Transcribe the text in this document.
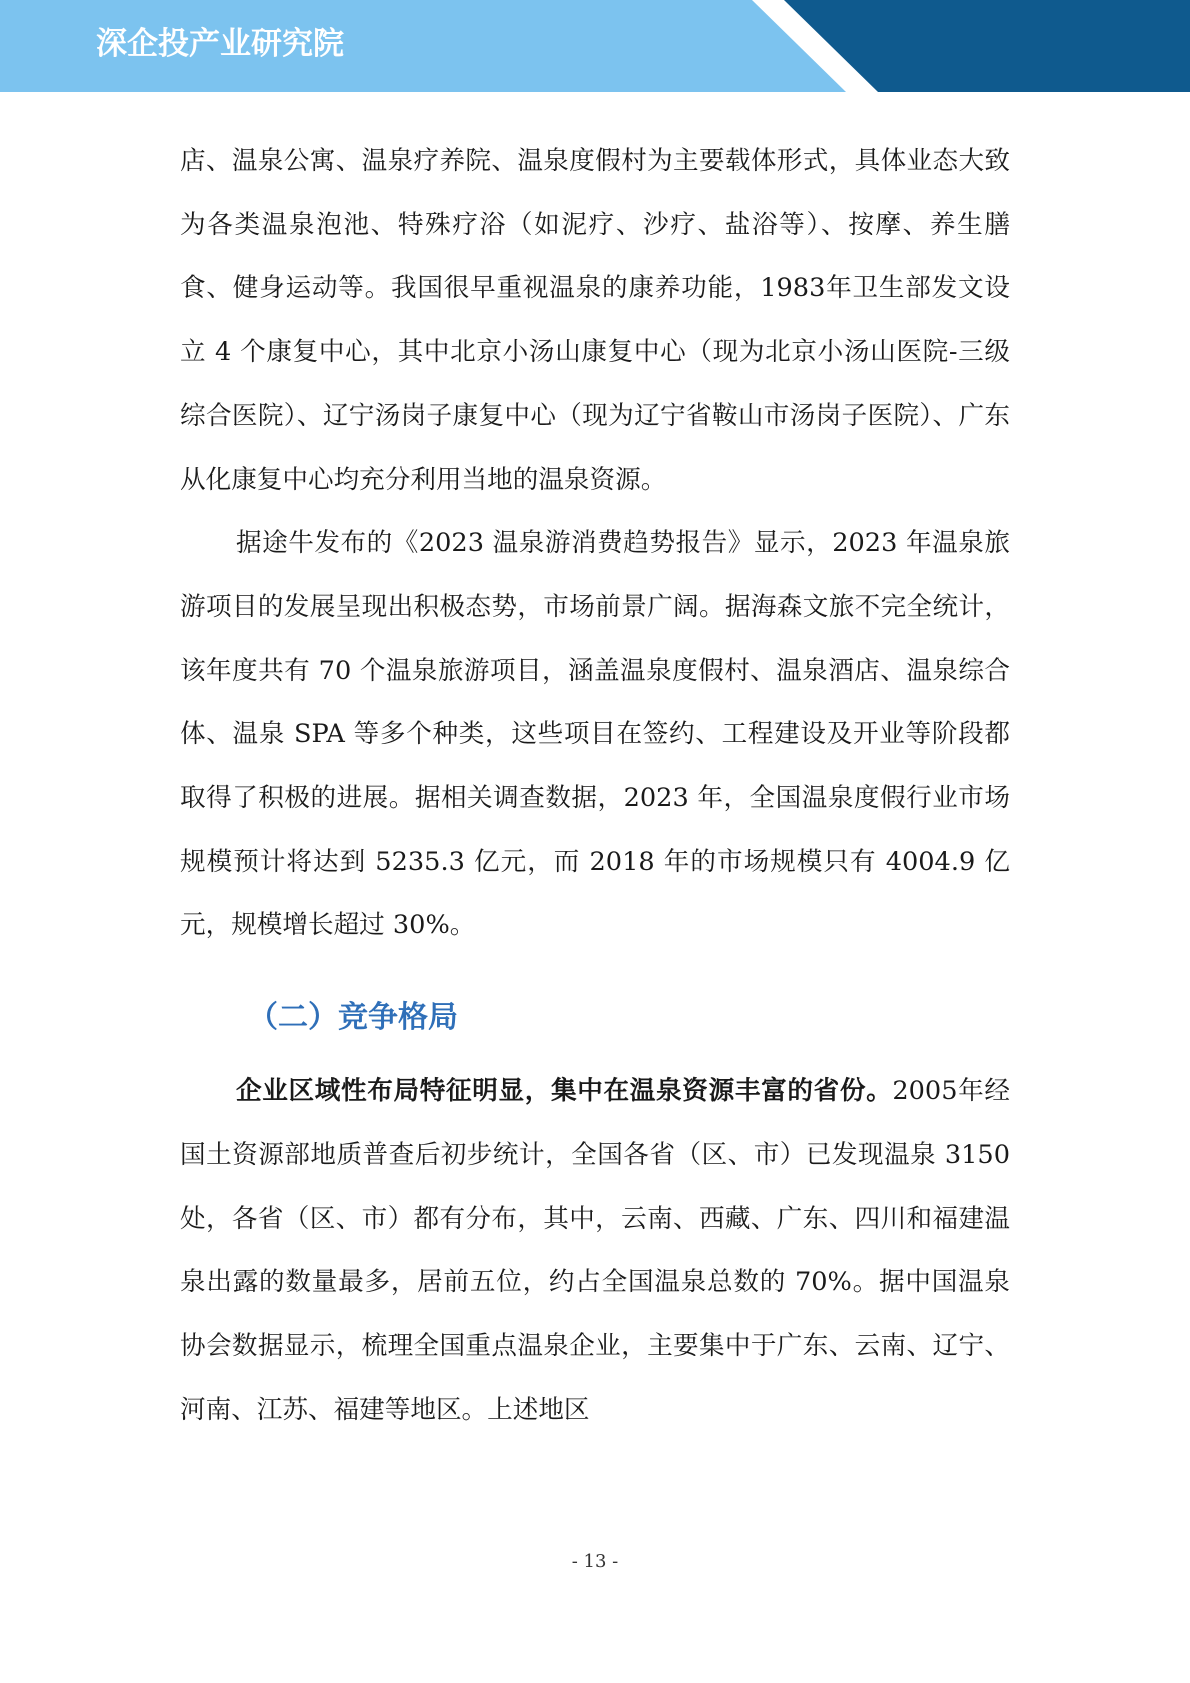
深企投产业研究院

店、温泉公寓、温泉疗养院、温泉度假村为主要载体形式，具体业态大致为各类温泉泡池、特殊疗浴（如泥疗、沙疗、盐浴等）、按摩、养生膳食、健身运动等。我国很早重视温泉的康养功能，1983年卫生部发文设立 4 个康复中心，其中北京小汤山康复中心（现为北京小汤山医院-三级综合医院）、辽宁汤岗子康复中心（现为辽宁省鞍山市汤岗子医院）、广东从化康复中心均充分利用当地的温泉资源。

据途牛发布的《2023 温泉游消费趋势报告》显示，2023 年温泉旅游项目的发展呈现出积极态势，市场前景广阔。据海森文旅不完全统计，该年度共有 70 个温泉旅游项目，涵盖温泉度假村、温泉酒店、温泉综合体、温泉 SPA 等多个种类，这些项目在签约、工程建设及开业等阶段都取得了积极的进展。据相关调查数据，2023 年，全国温泉度假行业市场规模预计将达到 5235.3 亿元，而 2018 年的市场规模只有 4004.9 亿元，规模增长超过 30%。

（二）竞争格局

企业区域性布局特征明显，集中在温泉资源丰富的省份。2005年经国土资源部地质普查后初步统计，全国各省（区、市）已发现温泉 3150 处，各省（区、市）都有分布，其中，云南、西藏、广东、四川和福建温泉出露的数量最多，居前五位，约占全国温泉总数的 70%。据中国温泉协会数据显示，梳理全国重点温泉企业，主要集中于广东、云南、辽宁、河南、江苏、福建等地区。上述地区

- 13 -
